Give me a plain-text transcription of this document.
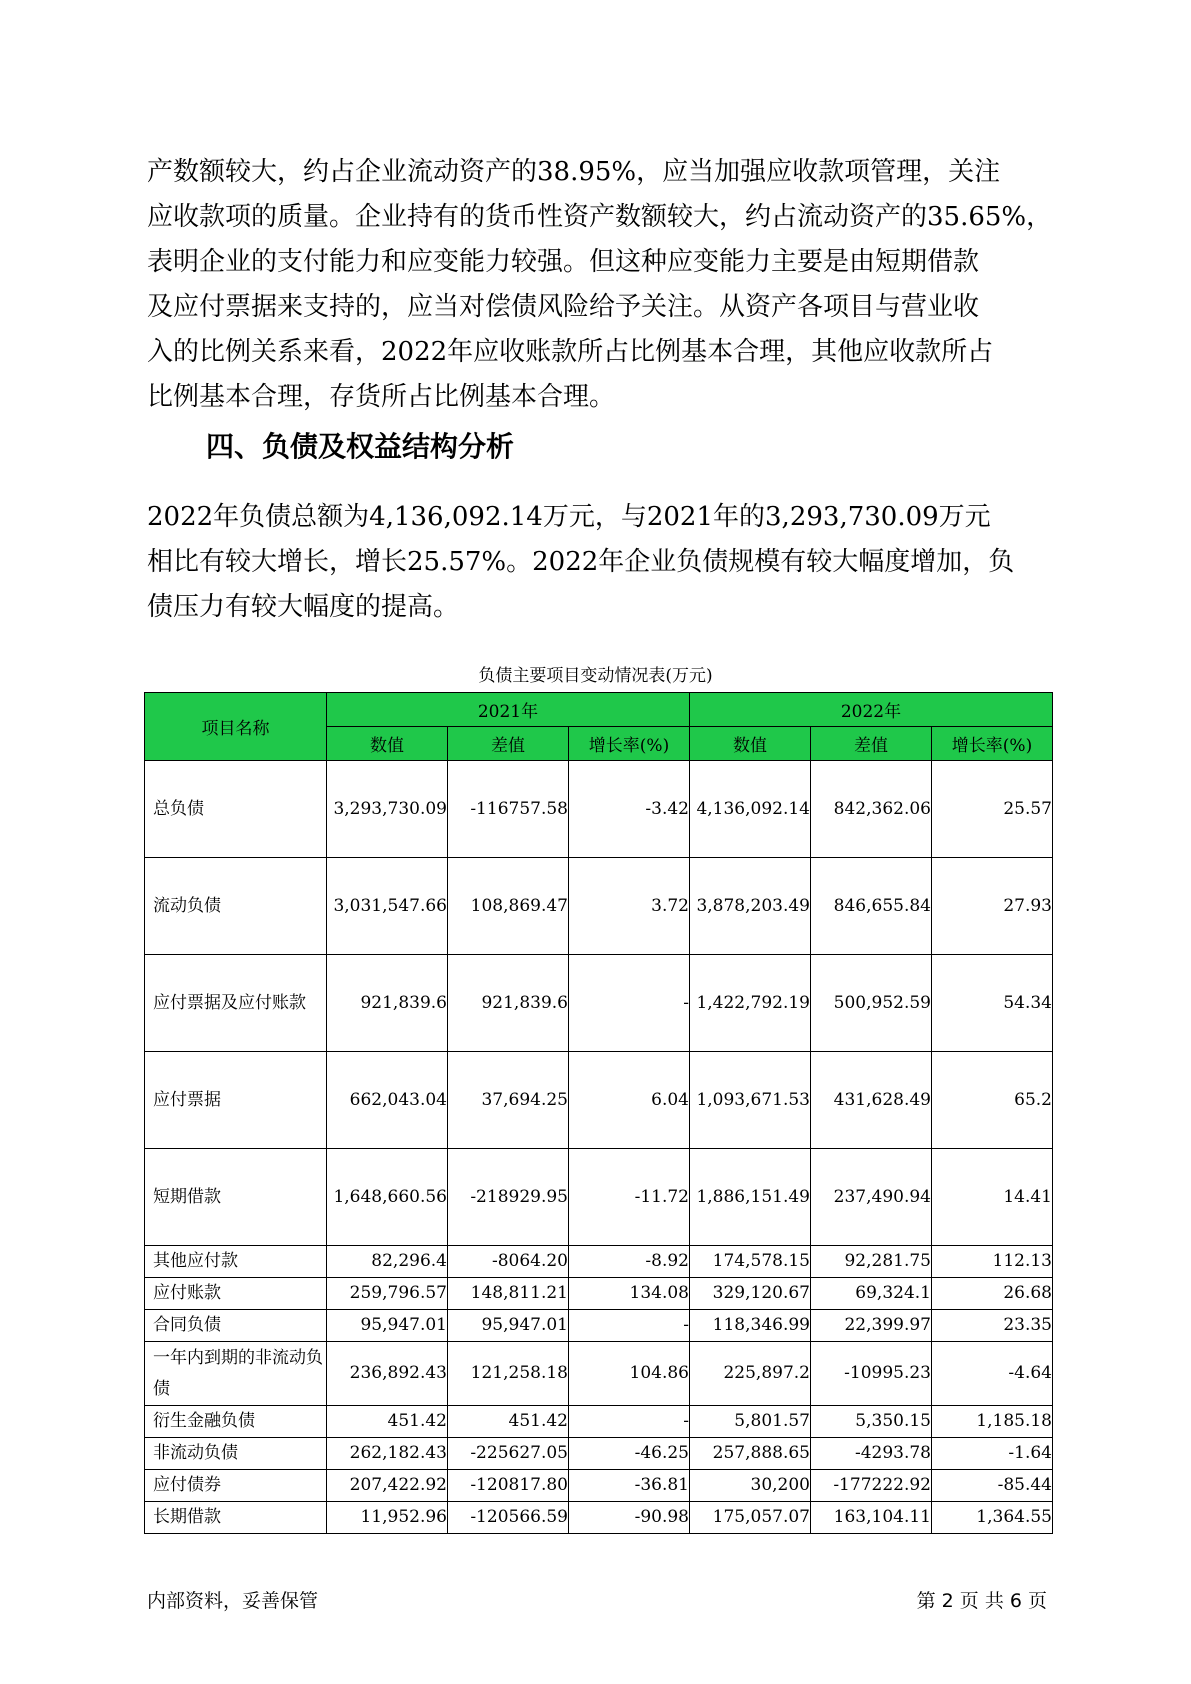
产数额较大，约占企业流动资产的38.95%，应当加强应收款项管理，关注
应收款项的质量。企业持有的货币性资产数额较大，约占流动资产的35.65%，
表明企业的支付能力和应变能力较强。但这种应变能力主要是由短期借款
及应付票据来支持的，应当对偿债风险给予关注。从资产各项目与营业收
入的比例关系来看，2022年应收账款所占比例基本合理，其他应收款所占
比例基本合理，存货所占比例基本合理。
四、负债及权益结构分析
2022年负债总额为4,136,092.14万元，与2021年的3,293,730.09万元
相比有较大增长，增长25.57%。2022年企业负债规模有较大幅度增加，负
债压力有较大幅度的提高。
负债主要项目变动情况表(万元)
项目名称	2021年			2022年		
	数值	差值	增长率(%)	数值	差值	增长率(%)
总负债	3,293,730.09	-116757.58	-3.42	4,136,092.14	842,362.06	25.57
流动负债	3,031,547.66	108,869.47	3.72	3,878,203.49	846,655.84	27.93
应付票据及应付账款	921,839.6	921,839.6	-	1,422,792.19	500,952.59	54.34
应付票据	662,043.04	37,694.25	6.04	1,093,671.53	431,628.49	65.2
短期借款	1,648,660.56	-218929.95	-11.72	1,886,151.49	237,490.94	14.41
其他应付款	82,296.4	-8064.20	-8.92	174,578.15	92,281.75	112.13
应付账款	259,796.57	148,811.21	134.08	329,120.67	69,324.1	26.68
合同负债	95,947.01	95,947.01	-	118,346.99	22,399.97	23.35
一年内到期的非流动负债	236,892.43	121,258.18	104.86	225,897.2	-10995.23	-4.64
衍生金融负债	451.42	451.42	-	5,801.57	5,350.15	1,185.18
非流动负债	262,182.43	-225627.05	-46.25	257,888.65	-4293.78	-1.64
应付债券	207,422.92	-120817.80	-36.81	30,200	-177222.92	-85.44
长期借款	11,952.96	-120566.59	-90.98	175,057.07	163,104.11	1,364.55
内部资料，妥善保管	第 2 页 共 6 页
